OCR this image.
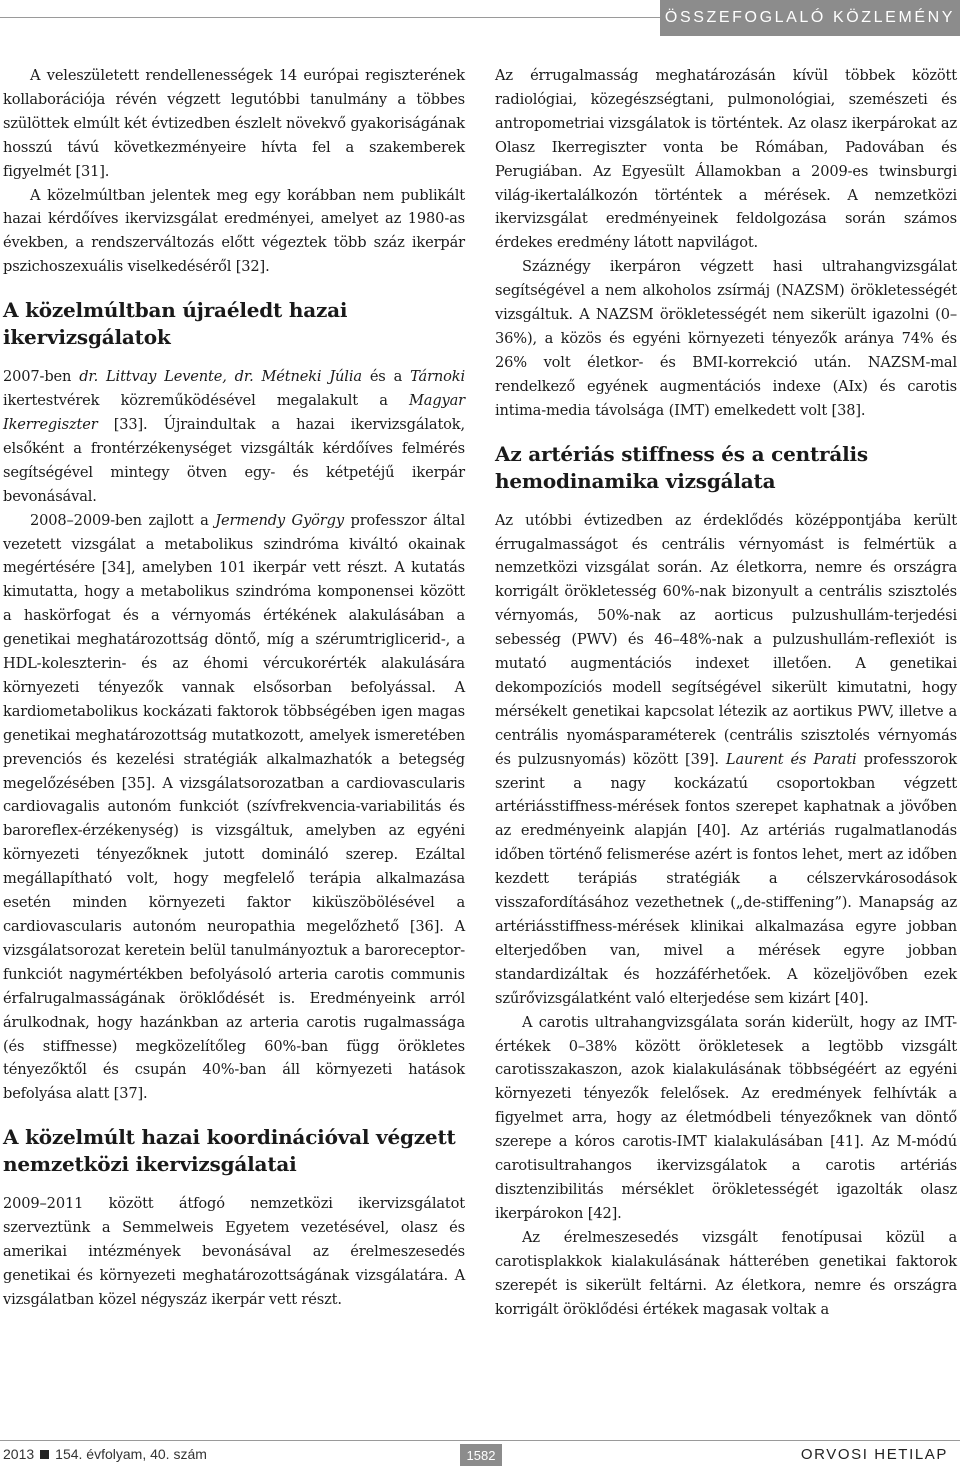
ÖSSZEFOGLALÓ KÖZLEMÉNY

A veleszületett rendellenességek 14 európai regiszterének kollaborációja révén végzett legutóbbi tanulmány a többes szülöttek elmúlt két évtizedben észlelt növekvő gyakoriságának hosszú távú következményeire hívta fel a szakemberek figyelmét [31].

A közelmúltban jelentek meg egy korábban nem publikált hazai kérdőíves ikervizsgálat eredményei, amelyet az 1980-as években, a rendszerváltozás előtt végeztek több száz ikerpár pszichoszexuális viselkedéséről [32].

A közelmúltban újraéledt hazai ikervizsgálatok

2007-ben dr. Littvay Levente, dr. Métneki Júlia és a Tárnoki ikertestvérek közreműködésével megalakult a Magyar Ikerregiszter [33]. Újraindultak a hazai ikervizsgálatok, elsőként a frontérzékenységet vizsgálták kérdőíves felmérés segítségével mintegy ötven egy- és kétpetéjű ikerpár bevonásával.

2008–2009-ben zajlott a Jermendy György professzor által vezetett vizsgálat a metabolikus szindróma kiváltó okainak megértésére [34], amelyben 101 ikerpár vett részt. A kutatás kimutatta, hogy a metabolikus szindróma komponensei között a haskörfogat és a vérnyomás értékének alakulásában a genetikai meghatározottság döntő, míg a szérumtriglicerid-, a HDL-koleszterin- és az éhomi vércukorérték alakulására környezeti tényezők vannak elsősorban befolyással. A kardiometabolikus kockázati faktorok többségében igen magas genetikai meghatározottság mutatkozott, amelyek ismeretében prevenciós és kezelési stratégiák alkalmazhatók a betegség megelőzésében [35]. A vizsgálatsorozatban a cardiovascularis cardiovagalis autonóm funkciót (szívfrekvencia-variabilitás és baroreflex-érzékenység) is vizsgáltuk, amelyben az egyéni környezeti tényezőknek jutott domináló szerep. Ezáltal megállapítható volt, hogy megfelelő terápia alkalmazása esetén minden környezeti faktor kiküszöbölésével a cardiovascularis autonóm neuropathia megelőzhető [36]. A vizsgálatsorozat keretein belül tanulmányoztuk a baroreceptor-funkciót nagymértékben befolyásoló arteria carotis communis érfalrugalmasságának öröklődését is. Eredményeink arról árulkodnak, hogy hazánkban az arteria carotis rugalmassága (és stiffnesse) megközelítőleg 60%-ban függ örökletes tényezőktől és csupán 40%-ban áll környezeti hatások befolyása alatt [37].

A közelmúlt hazai koordinációval végzett nemzetközi ikervizsgálatai

2009–2011 között átfogó nemzetközi ikervizsgálatot szerveztünk a Semmelweis Egyetem vezetésével, olasz és amerikai intézmények bevonásával az érelmeszesedés genetikai és környezeti meghatározottságának vizsgálatára. A vizsgálatban közel négyszáz ikerpár vett részt.

Az érrugalmasság meghatározásán kívül többek között radiológiai, közegészségtani, pulmonológiai, szemészeti és antropometriai vizsgálatok is történtek. Az olasz ikerpárokat az Olasz Ikerregiszter vonta be Rómában, Padovában és Perugiában. Az Egyesült Államokban a 2009-es twinsburgi világ-ikertalálkozón történtek a mérések. A nemzetközi ikervizsgálat eredményeinek feldolgozása során számos érdekes eredmény látott napvilágot.

Száznégy ikerpáron végzett hasi ultrahangvizsgálat segítségével a nem alkoholos zsírmáj (NAZSM) örökletességét vizsgáltuk. A NAZSM örökletességét nem sikerült igazolni (0–36%), a közös és egyéni környezeti tényezők aránya 74% és 26% volt életkor- és BMI-korrekció után. NAZSM-mal rendelkező egyének augmentációs indexe (AIx) és carotis intima-media távolsága (IMT) emelkedett volt [38].

Az artériás stiffness és a centrális hemodinamika vizsgálata

Az utóbbi évtizedben az érdeklődés középpontjába került érrugalmasságot és centrális vérnyomást is felmértük a nemzetközi vizsgálat során. Az életkorra, nemre és országra korrigált örökletesség 60%-nak bizonyult a centrális szisztolés vérnyomás, 50%-nak az aorticus pulzushullám-terjedési sebesség (PWV) és 46–48%-nak a pulzushullám-reflexiót is mutató augmentációs indexet illetően. A genetikai dekompozíciós modell segítségével sikerült kimutatni, hogy mérsékelt genetikai kapcsolat létezik az aortikus PWV, illetve a centrális nyomásparaméterek (centrális szisztolés vérnyomás és pulzusnyomás) között [39]. Laurent és Parati professzorok szerint a nagy kockázatú csoportokban végzett artériásstiffness-mérések fontos szerepet kaphatnak a jövőben az eredményeink alapján [40]. Az artériás rugalmatlanodás időben történő felismerése azért is fontos lehet, mert az időben kezdett terápiás stratégiák a célszervkárosodások visszafordításához vezethetnek („de-stiffening”). Manapság az artériásstiffness-mérések klinikai alkalmazása egyre jobban elterjedőben van, mivel a mérések egyre jobban standardizáltak és hozzáférhetőek. A közeljövőben ezek szűrővizsgálatként való elterjedése sem kizárt [40].

A carotis ultrahangvizsgálata során kiderült, hogy az IMT-értékek 0–38% között örökletesek a legtöbb vizsgált carotisszakaszon, azok kialakulásának többségéért az egyéni környezeti tényezők felelősek. Az eredmények felhívták a figyelmet arra, hogy az életmódbeli tényezőknek van döntő szerepe a kóros carotis-IMT kialakulásában [41]. Az M-módú carotisultrahangos ikervizsgálatok a carotis artériás disztenzibilitás mérséklet örökletességét igazolták olasz ikerpárokon [42].

Az érelmeszesedés vizsgált fenotípusai közül a carotisplakkok kialakulásának hátterében genetikai faktorok szerepét is sikerült feltárni. Az életkora, nemre és országra korrigált öröklődési értékek magasak voltak a

2013 154. évfolyam, 40. szám	1582	ORVOSI HETILAP
